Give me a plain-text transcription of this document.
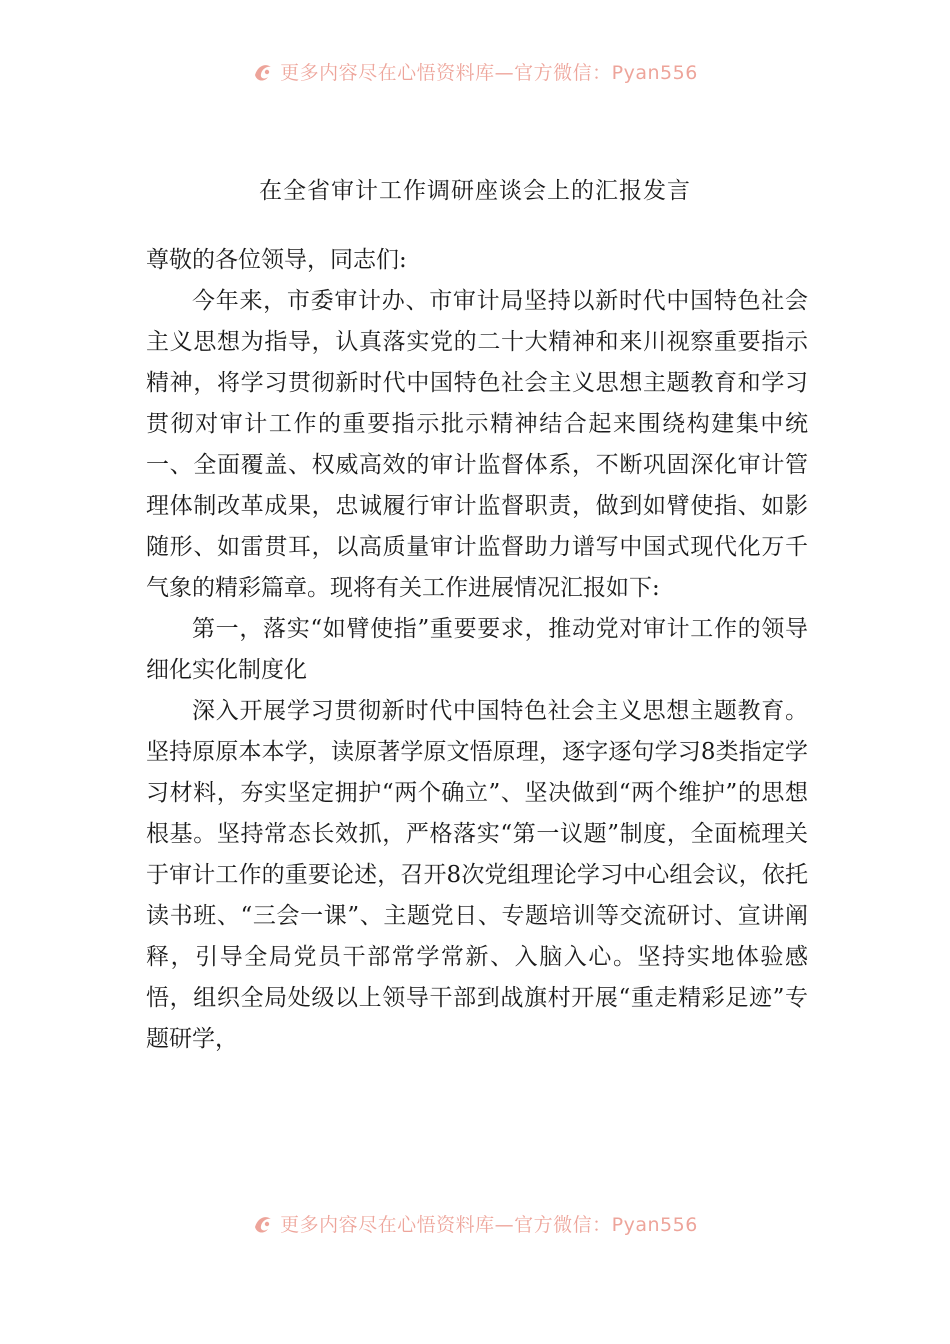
更多内容尽在心悟资料库—官方微信：Pyan556
在全省审计工作调研座谈会上的汇报发言

尊敬的各位领导，同志们:

今年来，市委审计办、市审计局坚持以新时代中国特色社会主义思想为指导，认真落实党的二十大精神和来川视察重要指示精神，将学习贯彻新时代中国特色社会主义思想主题教育和学习贯彻对审计工作的重要指示批示精神结合起来围绕构建集中统一、全面覆盖、权威高效的审计监督体系，不断巩固深化审计管理体制改革成果，忠诚履行审计监督职责，做到如臂使指、如影随形、如雷贯耳，以高质量审计监督助力谱写中国式现代化万千气象的精彩篇章。现将有关工作进展情况汇报如下:

第一，落实“如臂使指”重要要求，推动党对审计工作的领导细化实化制度化

深入开展学习贯彻新时代中国特色社会主义思想主题教育。坚持原原本本学，读原著学原文悟原理，逐字逐句学习8类指定学习材料，夯实坚定拥护“两个确立”、坚决做到“两个维护”的思想根基。坚持常态长效抓，严格落实“第一议题”制度，全面梳理关于审计工作的重要论述，召开8次党组理论学习中心组会议，依托读书班、“三会一课”、主题党日、专题培训等交流研讨、宣讲阐释，引导全局党员干部常学常新、入脑入心。坚持实地体验感悟，组织全局处级以上领导干部到战旗村开展“重走精彩足迹”专题研学，

更多内容尽在心悟资料库—官方微信：Pyan556
